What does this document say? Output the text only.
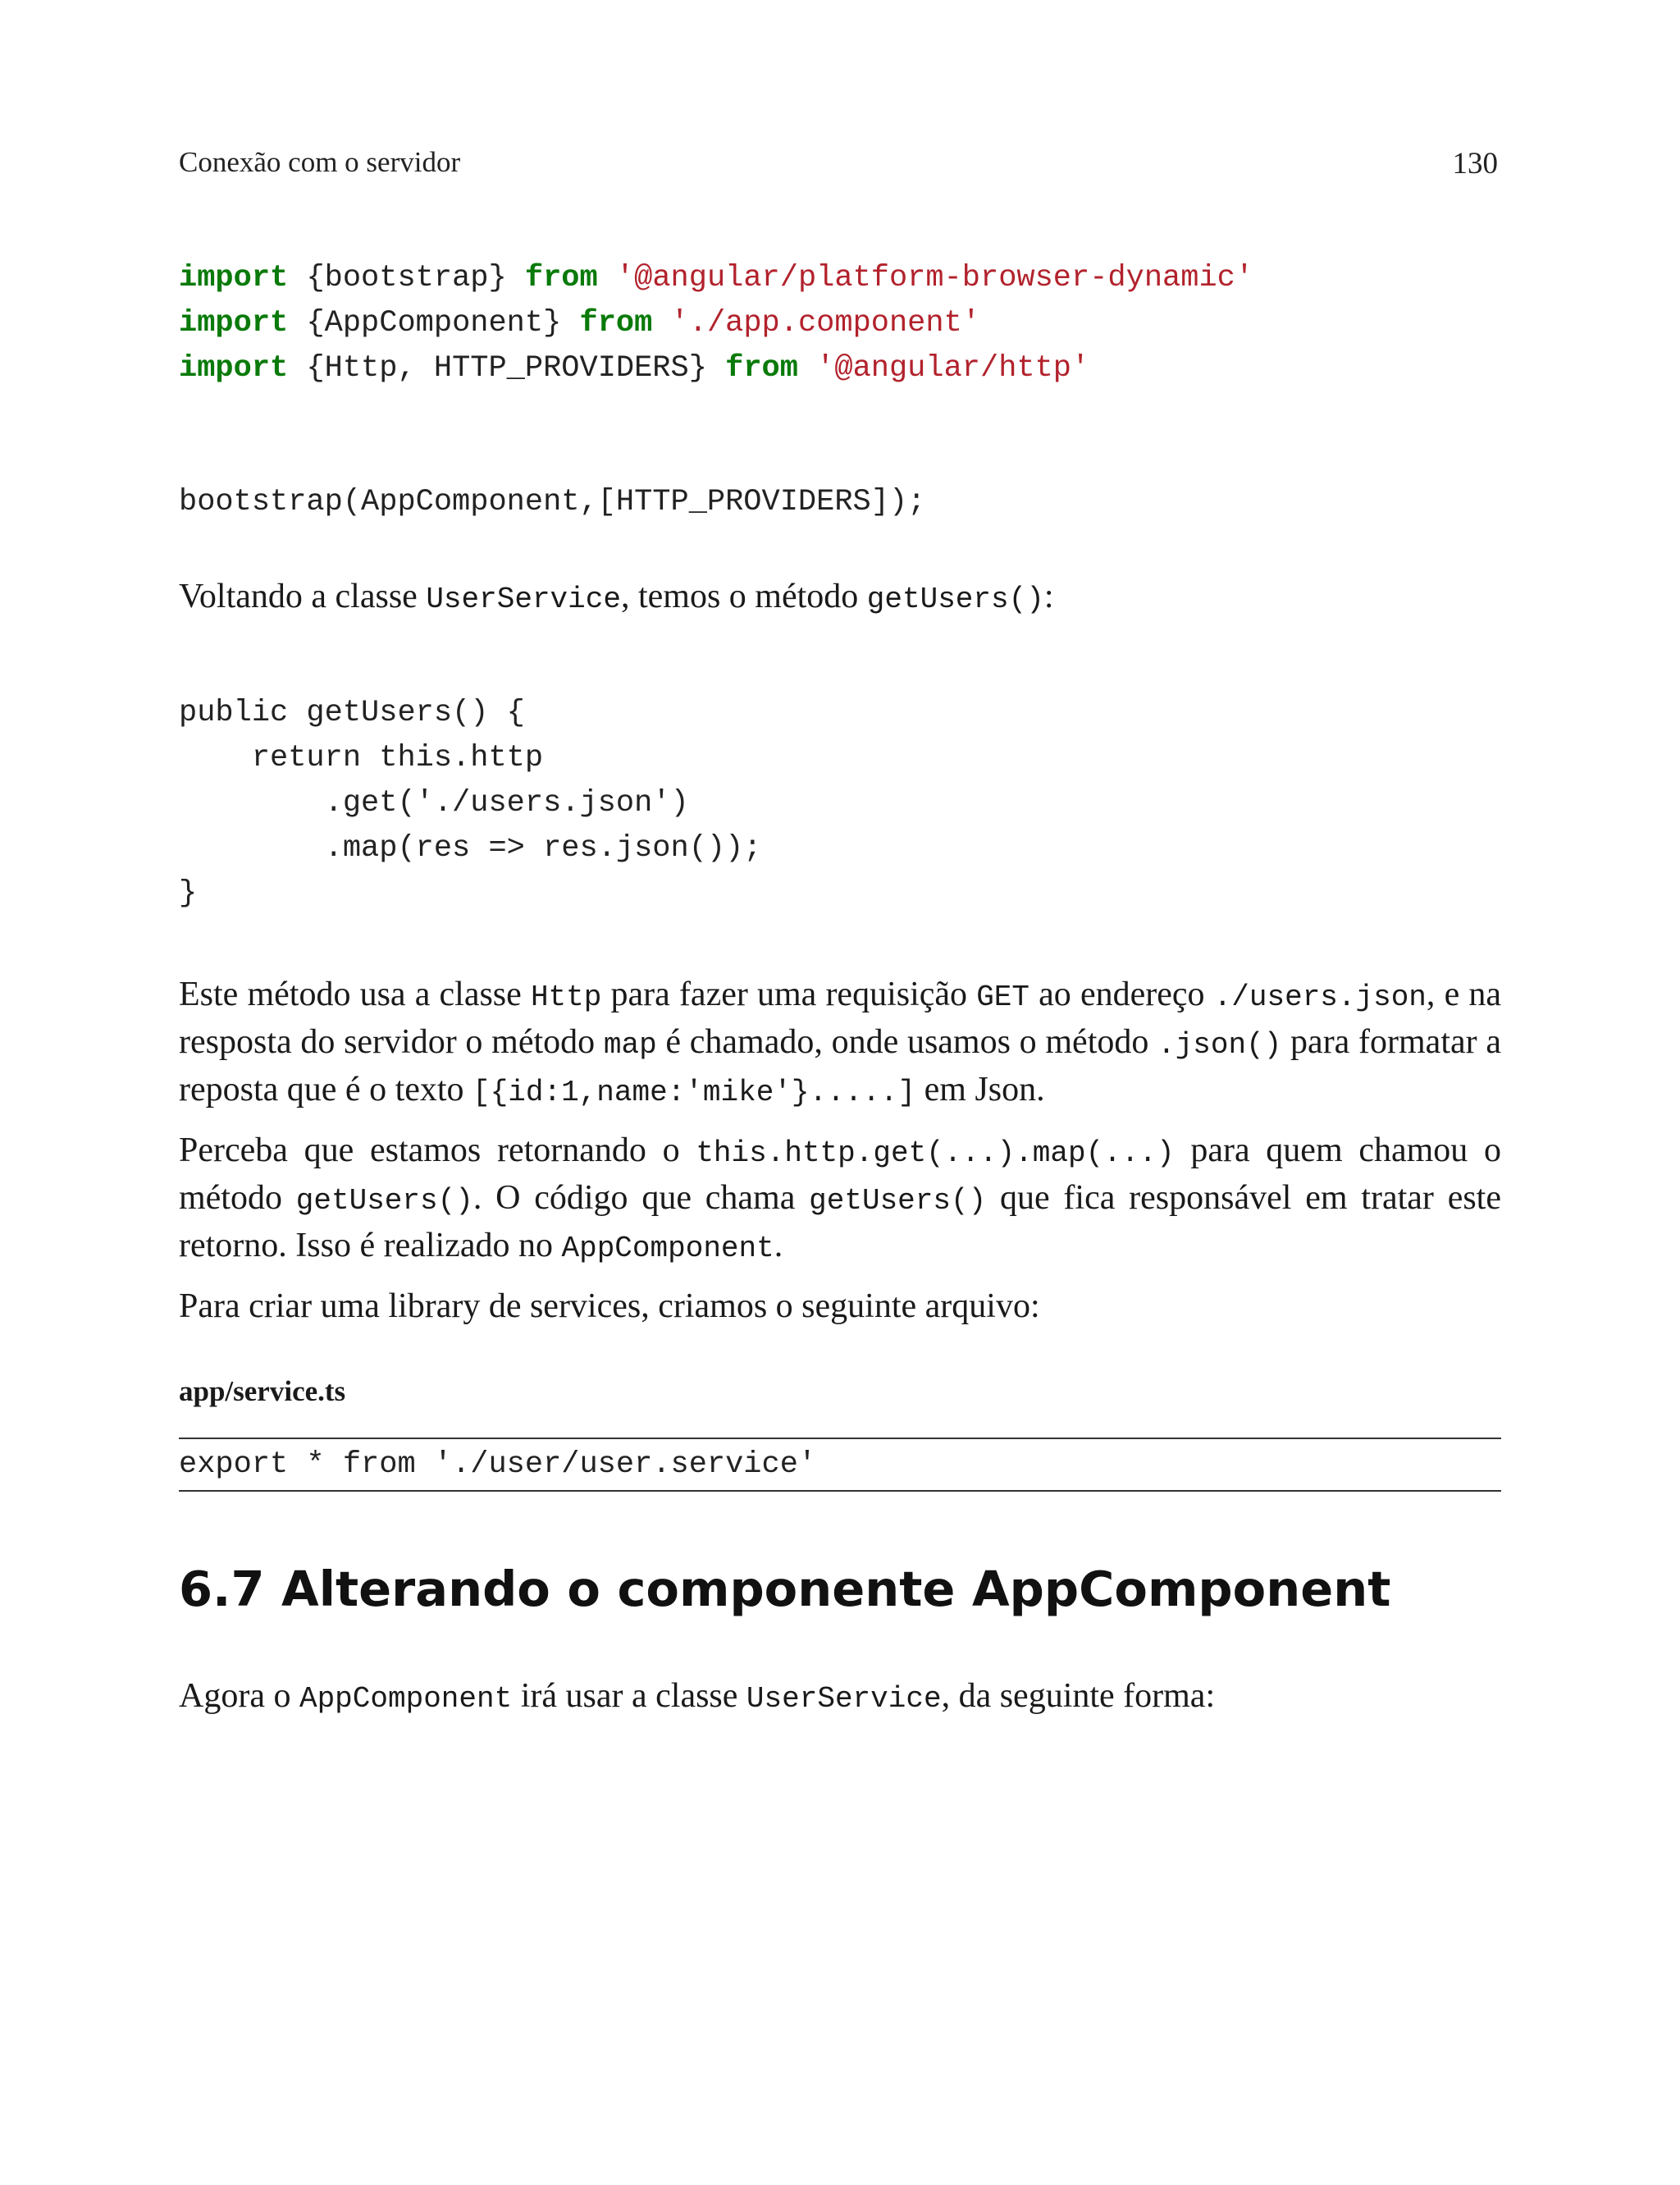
Conexão com o servidor	130
import {bootstrap} from '@angular/platform-browser-dynamic'
import {AppComponent} from './app.component'
import {Http, HTTP_PROVIDERS} from '@angular/http'
bootstrap(AppComponent,[HTTP_PROVIDERS]);

Voltando a classe UserService, temos o método getUsers():

public getUsers() {
return this.http
.get('./users.json')
.map(res => res.json());
}

Este método usa a classe Http para fazer uma requisição GET ao endereço ./users.json, e na resposta do servidor o método map é chamado, onde usamos o método .json() para formatar a reposta que é o texto [{id:1,name:'mike'}.....] em Json.

Perceba que estamos retornando o this.http.get(...).map(...) para quem chamou o método getUsers(). O código que chama getUsers() que fica responsável em tratar este retorno. Isso é realizado no AppComponent.

Para criar uma library de services, criamos o seguinte arquivo:

app/service.ts
export * from './user/user.service'
6.7 Alterando o componente AppComponent

Agora o AppComponent irá usar a classe UserService, da seguinte forma:
